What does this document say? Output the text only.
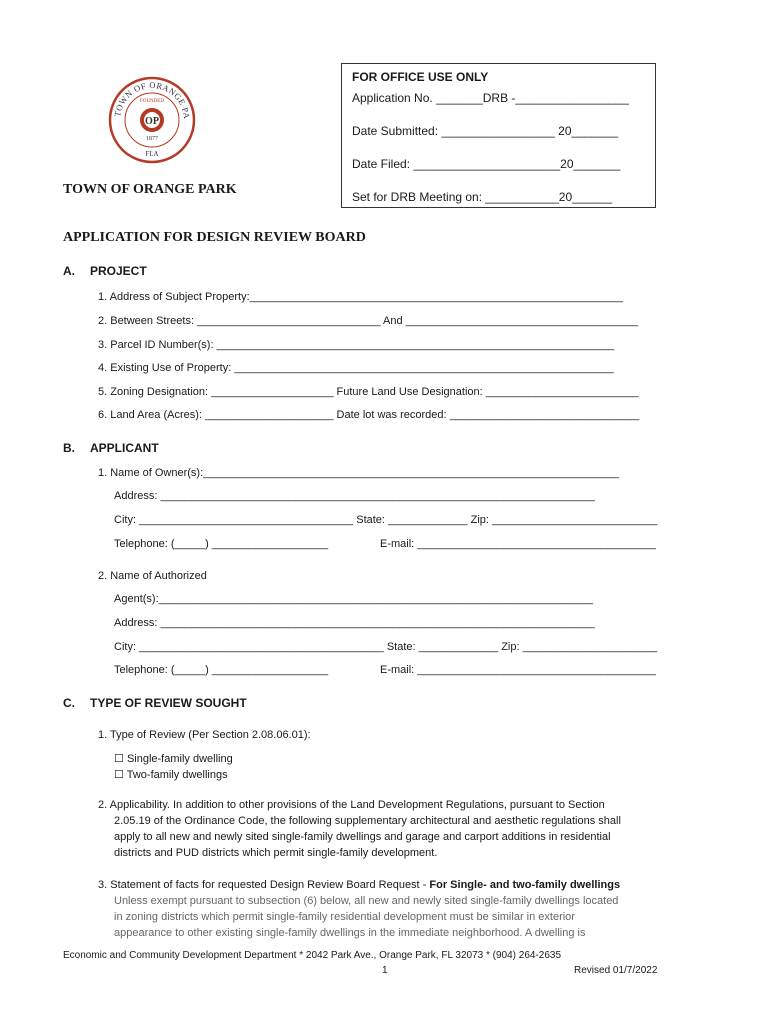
TOWN OF ORANGE PA
FOUNDED
OP
1877
FLA
TOWN OF ORANGE PARK
FOR OFFICE USE ONLY
Application No. _______DRB -_________________
Date Submitted: _________________ 20_______
Date Filed: ______________________20_______
Set for DRB Meeting on: ___________20______
APPLICATION FOR DESIGN REVIEW BOARD
A. PROJECT
1. Address of Subject Property:_____________________________________________________________
2. Between Streets: ______________________________ And ______________________________________
3. Parcel ID Number(s): _________________________________________________________________
4. Existing Use of Property: ______________________________________________________________
5. Zoning Designation: ____________________ Future Land Use Designation: _________________________
6. Land Area (Acres): _____________________ Date lot was recorded: _______________________________
B. APPLICANT
1. Name of Owner(s):____________________________________________________________________
Address: _______________________________________________________________________
City: ___________________________________ State: _____________ Zip: ___________________________
Telephone: (_____) ___________________	E-mail: _______________________________________
2. Name of Authorized
Agent(s):_______________________________________________________________________
Address: _______________________________________________________________________
City: ________________________________________ State: _____________ Zip: ______________________
Telephone: (_____) ___________________	E-mail: _______________________________________
C. TYPE OF REVIEW SOUGHT
1. Type of Review (Per Section 2.08.06.01):
☐ Single-family dwelling
☐ Two-family dwellings
2. Applicability. In addition to other provisions of the Land Development Regulations, pursuant to Section
2.05.19 of the Ordinance Code, the following supplementary architectural and aesthetic regulations shall
apply to all new and newly sited single-family dwellings and garage and carport additions in residential
districts and PUD districts which permit single-family development.
3. Statement of facts for requested Design Review Board Request - For Single- and two-family dwellings
Unless exempt pursuant to subsection (6) below, all new and newly sited single-family dwellings located
in zoning districts which permit single-family residential development must be similar in exterior
appearance to other existing single-family dwellings in the immediate neighborhood. A dwelling is
Economic and Community Development Department * 2042 Park Ave., Orange Park, FL 32073 * (904) 264-2635
1	Revised 01/7/2022
